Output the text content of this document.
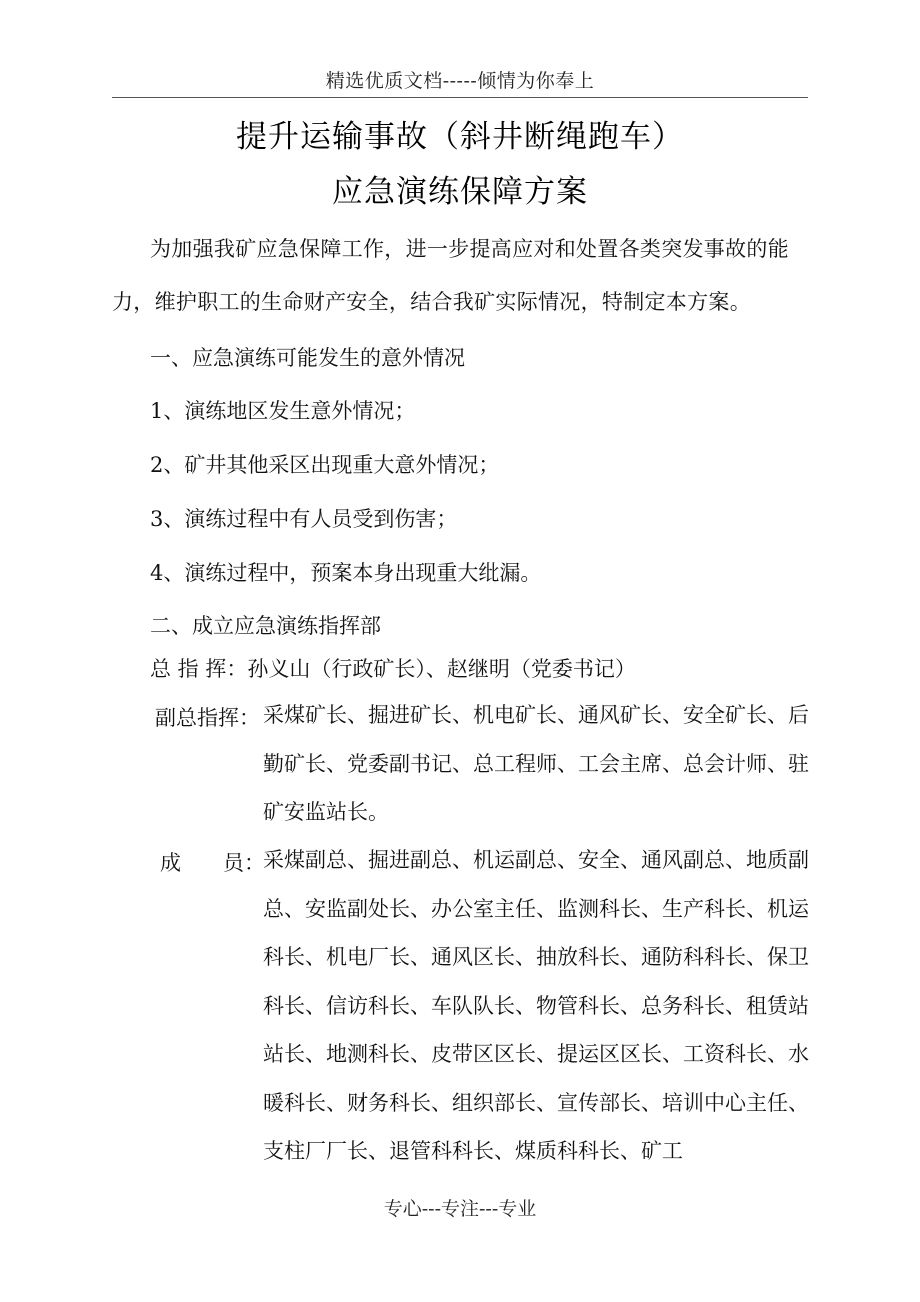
精选优质文档-----倾情为你奉上
提升运输事故（斜井断绳跑车）
应急演练保障方案
为加强我矿应急保障工作，进一步提高应对和处置各类突发事故的能
力，维护职工的生命财产安全，结合我矿实际情况，特制定本方案。
一、应急演练可能发生的意外情况
1、演练地区发生意外情况；
2、矿井其他采区出现重大意外情况；
3、演练过程中有人员受到伤害；
4、演练过程中，预案本身出现重大纰漏。
二、成立应急演练指挥部
总 指 挥：孙义山（行政矿长）、赵继明（党委书记）
副总指挥： 采煤矿长、掘进矿长、机电矿长、通风矿长、安全矿长、后勤矿长、党委副书记、总工程师、工会主席、总会计师、驻矿安监站长。
成　　员：
采煤副总、掘进副总、机运副总、安全、通风副总、地质副总、安监副处长、办公室主任、监测科长、生产科长、机运科长、机电厂长、通风区长、抽放科长、通防科科长、保卫科长、信访科长、车队队长、物管科长、总务科长、租赁站站长、地测科长、皮带区区长、提运区区长、工资科长、水暖科长、财务科长、组织部长、宣传部长、培训中心主任、支柱厂厂长、退管科科长、煤质科科长、矿工
专心---专注---专业
